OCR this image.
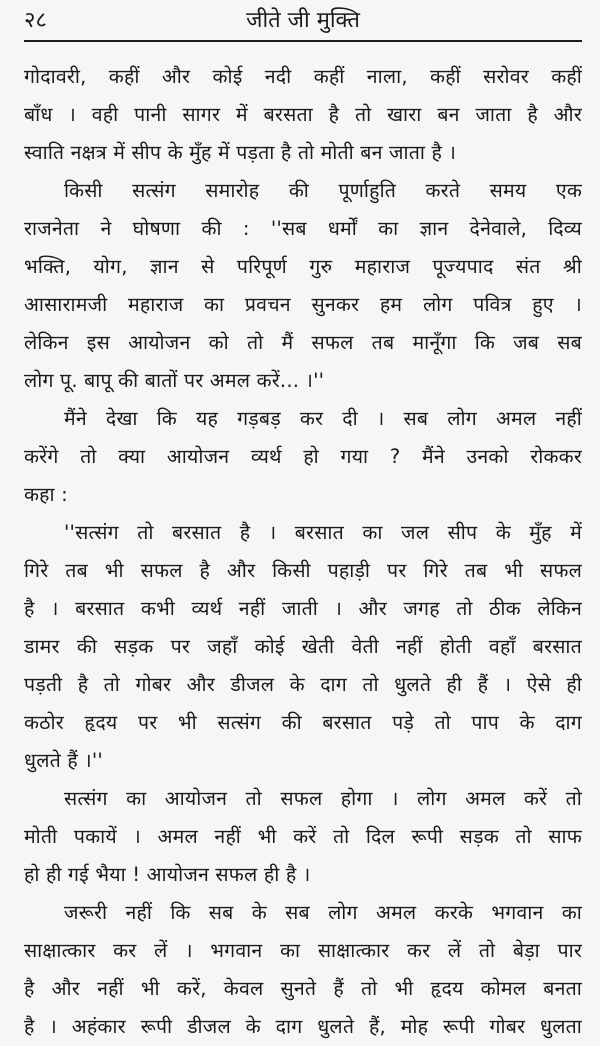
२८	जीते जी मुक्ति
गोदावरी, कहीं और कोई नदी कहीं नाला, कहीं सरोवर कहीं
बाँध । वही पानी सागर में बरसता है तो खारा बन जाता है और
स्वाति नक्षत्र में सीप के मुँह में पड़ता है तो मोती बन जाता है ।
किसी सत्संग समारोह की पूर्णाहुति करते समय एक
राजनेता ने घोषणा की : ''सब धर्मों का ज्ञान देनेवाले, दिव्य
भक्ति, योग, ज्ञान से परिपूर्ण गुरु महाराज पूज्यपाद संत श्री
आसारामजी महाराज का प्रवचन सुनकर हम लोग पवित्र हुए ।
लेकिन इस आयोजन को तो मैं सफल तब मानूँगा कि जब सब
लोग पू. बापू की बातों पर अमल करें... ।''
मैंने देखा कि यह गड़बड़ कर दी । सब लोग अमल नहीं
करेंगे तो क्या आयोजन व्यर्थ हो गया ? मैंने उनको रोककर
कहा :
''सत्संग तो बरसात है । बरसात का जल सीप के मुँह में
गिरे तब भी सफल है और किसी पहाड़ी पर गिरे तब भी सफल
है । बरसात कभी व्यर्थ नहीं जाती । और जगह तो ठीक लेकिन
डामर की सड़क पर जहाँ कोई खेती वेती नहीं होती वहाँ बरसात
पड़ती है तो गोबर और डीजल के दाग तो धुलते ही हैं । ऐसे ही
कठोर हृदय पर भी सत्संग की बरसात पड़े तो पाप के दाग
धुलते हैं ।''
सत्संग का आयोजन तो सफल होगा । लोग अमल करें तो
मोती पकायें । अमल नहीं भी करें तो दिल रूपी सड़क तो साफ
हो ही गई भैया ! आयोजन सफल ही है ।
जरूरी नहीं कि सब के सब लोग अमल करके भगवान का
साक्षात्कार कर लें । भगवान का साक्षात्कार कर लें तो बेड़ा पार
है और नहीं भी करें, केवल सुनते हैं तो भी हृदय कोमल बनता
है । अहंकार रूपी डीजल के दाग धुलते हैं, मोह रूपी गोबर धुलता
